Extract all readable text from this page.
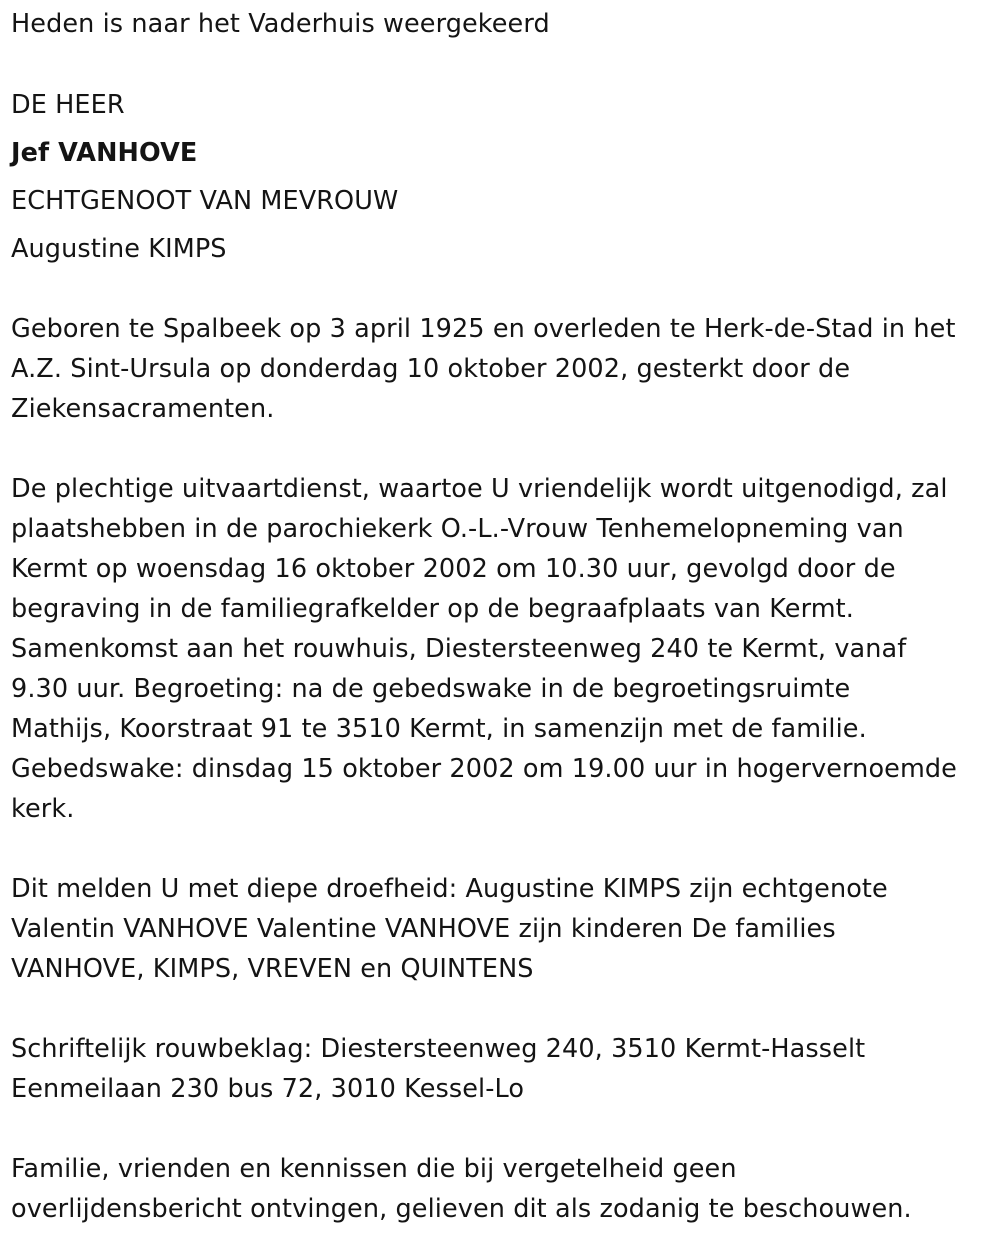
Heden is naar het Vaderhuis weergekeerd
DE HEER
Jef VANHOVE
ECHTGENOOT VAN MEVROUW
Augustine KIMPS
Geboren te Spalbeek op 3 april 1925 en overleden te Herk-de-Stad in het
A.Z. Sint-Ursula op donderdag 10 oktober 2002, gesterkt door de
Ziekensacramenten.
De plechtige uitvaartdienst, waartoe U vriendelijk wordt uitgenodigd, zal
plaatshebben in de parochiekerk O.-L.-Vrouw Tenhemelopneming van
Kermt op woensdag 16 oktober 2002 om 10.30 uur, gevolgd door de
begraving in de familiegrafkelder op de begraafplaats van Kermt.
Samenkomst aan het rouwhuis, Diestersteenweg 240 te Kermt, vanaf
9.30 uur. Begroeting: na de gebedswake in de begroetingsruimte
Mathijs, Koorstraat 91 te 3510 Kermt, in samenzijn met de familie.
Gebedswake: dinsdag 15 oktober 2002 om 19.00 uur in hogervernoemde
kerk.
Dit melden U met diepe droefheid: Augustine KIMPS zijn echtgenote
Valentin VANHOVE Valentine VANHOVE zijn kinderen De families
VANHOVE, KIMPS, VREVEN en QUINTENS
Schriftelijk rouwbeklag: Diestersteenweg 240, 3510 Kermt-Hasselt
Eenmeilaan 230 bus 72, 3010 Kessel-Lo
Familie, vrienden en kennissen die bij vergetelheid geen
overlijdensbericht ontvingen, gelieven dit als zodanig te beschouwen.
